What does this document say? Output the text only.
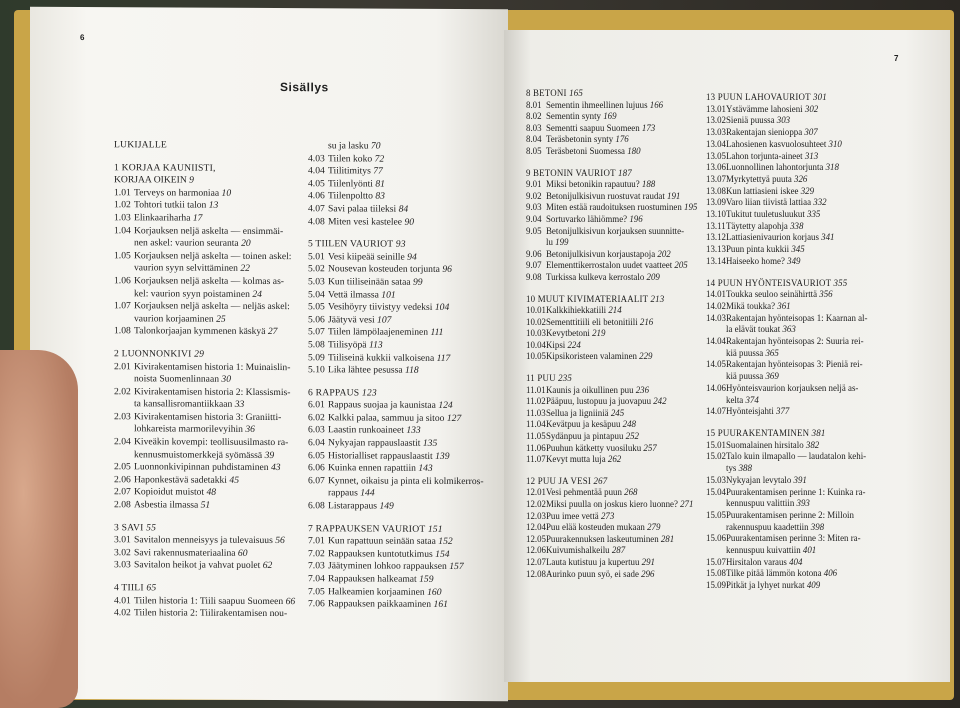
6
Sisällys
LUKIJALLE
1 KORJAA KAUNIISTI,
KORJAA OIKEIN 9
1.01 Terveys on harmoniaa 10
1.02 Tohtori tutkii talon 13
1.03 Elinkaariharha 17
1.04 Korjauksen neljä askelta — ensimmäi-
nen askel: vaurion seuranta 20
1.05 Korjauksen neljä askelta — toinen askel:
vaurion syyn selvittäminen 22
1.06 Korjauksen neljä askelta — kolmas as-
kel: vaurion syyn poistaminen 24
1.07 Korjauksen neljä askelta — neljäs askel:
vaurion korjaaminen 25
1.08 Talonkorjaajan kymmenen käskyä 27
2 LUONNONKIVI 29
2.01 Kivirakentamisen historia 1: Muinaislin-
noista Suomenlinnaan 30
2.02 Kivirakentamisen historia 2: Klassismis-
ta kansallisromantiikkaan 33
2.03 Kivirakentamisen historia 3: Graniitti-
lohkareista marmorilevyihin 36
2.04 Kiveäkin kovempi: teollisuusilmasto ra-
kennusmuistomerkkejä syömässä 39
2.05 Luonnonkivipinnan puhdistaminen 43
2.06 Haponkestävä sadetakki 45
2.07 Kopioidut muistot 48
2.08 Asbestia ilmassa 51
3 SAVI 55
3.01 Savitalon menneisyys ja tulevaisuus 56
3.02 Savi rakennusmateriaalina 60
3.03 Savitalon heikot ja vahvat puolet 62
4 TIILI 65
4.01 Tiilen historia 1: Tiili saapuu Suomeen 66
4.02 Tiilen historia 2: Tiilirakentamisen nou-
su ja lasku 70
4.03 Tiilen koko 72
4.04 Tiilitimitys 77
4.05 Tiilenlyönti 81
4.06 Tiilenpoltto 83
4.07 Savi palaa tiileksi 84
4.08 Miten vesi kastelee 90
5 TIILEN VAURIOT 93
5.01 Vesi kiipeää seinille 94
5.02 Nousevan kosteuden torjunta 96
5.03 Kun tiiliseinään sataa 99
5.04 Vettä ilmassa 101
5.05 Vesihöyry tiivistyy vedeksi 104
5.06 Jäätyvä vesi 107
5.07 Tiilen lämpölaajeneminen 111
5.08 Tiilisyöpä 113
5.09 Tiiliseinä kukkii valkoisena 117
5.10 Lika lähtee pesussa 118
6 RAPPAUS 123
6.01 Rappaus suojaa ja kaunistaa 124
6.02 Kalkki palaa, sammuu ja sitoo 127
6.03 Laastin runkoaineet 133
6.04 Nykyajan rappauslaastit 135
6.05 Historialliset rappauslaastit 139
6.06 Kuinka ennen rapattiin 143
6.07 Kynnet, oikaisu ja pinta eli kolmikerros-
rappaus 144
6.08 Listarappaus 149
7 RAPPAUKSEN VAURIOT 151
7.01 Kun rapattuun seinään sataa 152
7.02 Rappauksen kuntotutkimus 154
7.03 Jäätyminen lohkoo rappauksen 157
7.04 Rappauksen halkeamat 159
7.05 Halkeamien korjaaminen 160
7.06 Rappauksen paikkaaminen 161
7
8 BETONI 165
8.01 Sementin ihmeellinen lujuus 166
8.02 Sementin synty 169
8.03 Sementti saapuu Suomeen 173
8.04 Teräsbetonin synty 176
8.05 Teräsbetoni Suomessa 180
9 BETONIN VAURIOT 187
9.01 Miksi betonikin rapautuu? 188
9.02 Betonijulkisivun ruostuvat raudat 191
9.03 Miten estää raudoituksen ruostuminen 195
9.04 Sortuvarko lähiömme? 196
9.05 Betonijulkisivun korjauksen suunnitte-
lu 199
9.06 Betonijulkisivun korjaustapoja 202
9.07 Elementtikerrostalon uudet vaatteet 205
9.08 Turkissa kulkeva kerrostalo 209
10 MUUT KIVIMATERIAALIT 213
10.01Kalkkihiekkatiili 214
10.02Sementtitiili eli betonitiili 216
10.03Kevytbetoni 219
10.04Kipsi 224
10.05Kipsikoristeen valaminen 229
11 PUU 235
11.01Kaunis ja oikullinen puu 236
11.02Pääpuu, lustopuu ja juovapuu 242
11.03Selluа ja ligniiniä 245
11.04Kevätpuu ja kesäpuu 248
11.05Sydänpuu ja pintapuu 252
11.06Puuhun kätketty vuosiluku 257
11.07Kevyt mutta luja 262
12 PUU JA VESI 267
12.01Vesi pehmentää puun 268
12.02Miksi puulla on joskus kiero luonne? 271
12.03Puu imee vettä 273
12.04Puu elää kosteuden mukaan 279
12.05Puurakennuksen laskeutuminen 281
12.06Kuivumishalkeilu 287
12.07Lauta kutistuu ja kupertuu 291
12.08Aurinko puun syö, ei sade 296
13 PUUN LAHOVAURIOT 301
13.01Ystävämme lahosieni 302
13.02Sieniä puussa 303
13.03Rakentajan sienioppa 307
13.04Lahosienen kasvuolosuhteet 310
13.05Lahon torjunta-aineet 313
13.06Luonnollinen lahontorjunta 318
13.07Myrkytettyä puuta 326
13.08Kun lattiasieni iskee 329
13.09Varo liian tiivistä lattiaa 332
13.10Tukitut tuuletusluukut 335
13.11Täytetty alapohja 338
13.12Lattiasienivaurion korjaus 341
13.13Puun pinta kukkii 345
13.14Haiseeko home? 349
14 PUUN HYÖNTEISVAURIOT 355
14.01Toukka seuloo seinähirttä 356
14.02Mikä toukka? 361
14.03Rakentajan hyönteisopas 1: Kaarnan al-
la elävät toukat 363
14.04Rakentajan hyönteisopas 2: Suuria rei-
kiä puussa 365
14.05Rakentajan hyönteisopas 3: Pieniä rei-
kiä puussa 369
14.06Hyönteisvaurion korjauksen neljä as-
kelta 374
14.07Hyönteisjahti 377
15 PUURAKENTAMINEN 381
15.01Suomalainen hirsitalo 382
15.02Talo kuin ilmapallo — laudatalon kehi-
tys 388
15.03Nykyajan levytalo 391
15.04Puurakentamisen perinne 1: Kuinka ra-
kennuspuu valittiin 393
15.05Puurakentamisen perinne 2: Milloin
rakennuspuu kaadettiin 398
15.06Puurakentamisen perinne 3: Miten ra-
kennuspuu kuivattiin 401
15.07Hirsitalon varaus 404
15.08Tilke pitää lämmön kotona 406
15.09Pitkät ja lyhyet nurkat 409
